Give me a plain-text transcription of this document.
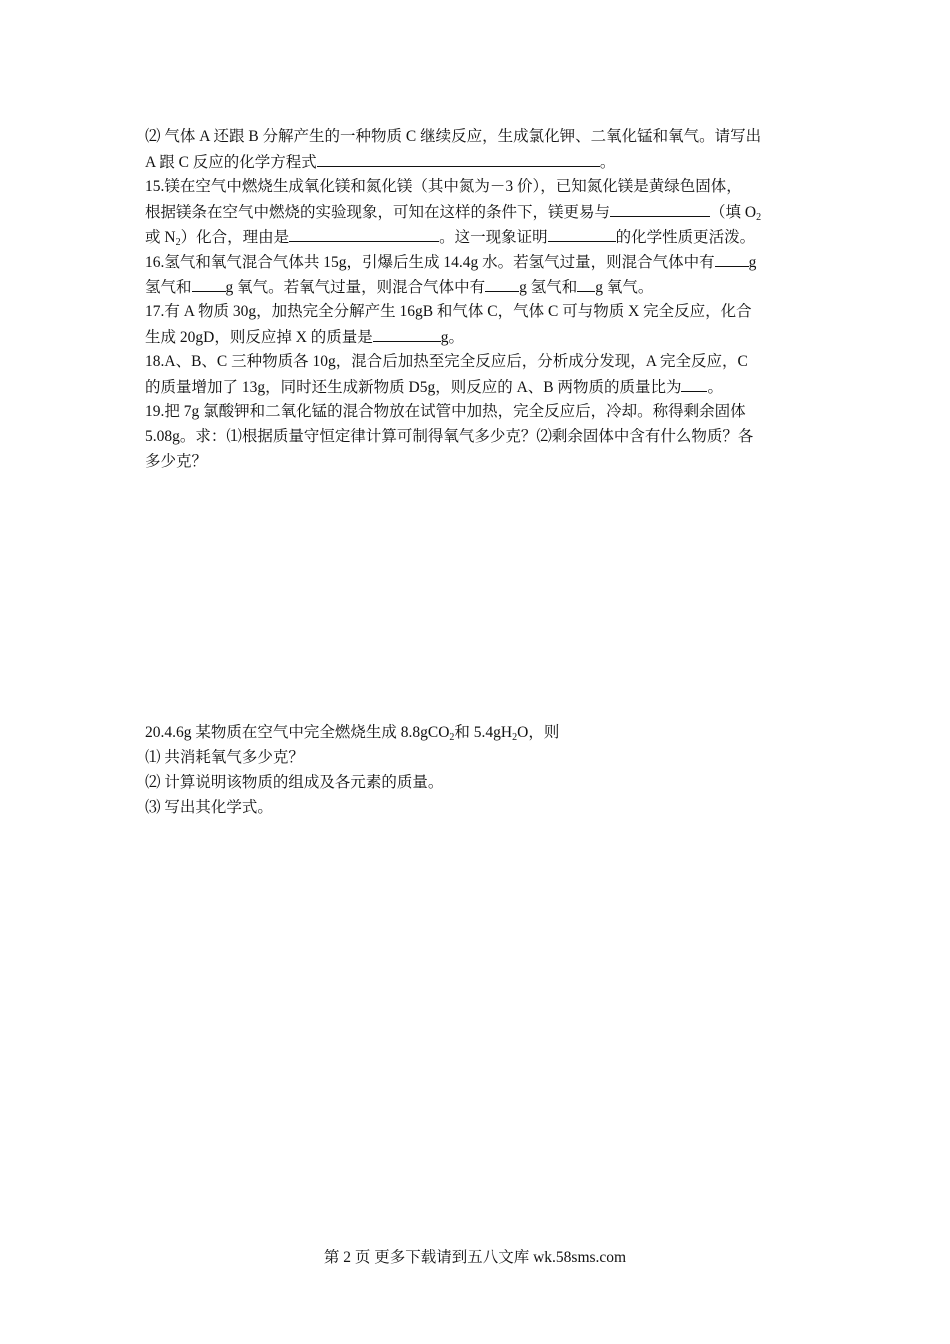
⑵ 气体 A 还跟 B 分解产生的一种物质 C 继续反应，生成氯化钾、二氧化锰和氧气。请写出
A 跟 C 反应的化学方程式	。
15.镁在空气中燃烧生成氧化镁和氮化镁（其中氮为－3 价），已知氮化镁是黄绿色固体，
根据镁条在空气中燃烧的实验现象，可知在这样的条件下，镁更易与	（填 $O_2$
或 $N_2$）化合，理由是	。这一现象证明	的化学性质更活泼。
16.氢气和氧气混合气体共 15g，引爆后生成 14.4g 水。若氢气过量，则混合气体中有 g
氢气和 g 氧气。若氧气过量，则混合气体中有 g 氢气和 g 氧气。
17.有 A 物质 30g，加热完全分解产生 16gB 和气体 C，气体 C 可与物质 X 完全反应，化合
生成 20gD，则反应掉 X 的质量是	g。
18.A、B、C 三种物质各 10g，混合后加热至完全反应后，分析成分发现，A 完全反应，C
的质量增加了 13g，同时还生成新物质 D5g，则反应的 A、B 两物质的质量比为 。
19.把 7g 氯酸钾和二氧化锰的混合物放在试管中加热，完全反应后，冷却。称得剩余固体
5.08g。求：⑴根据质量守恒定律计算可制得氧气多少克？⑵剩余固体中含有什么物质？各
多少克？
20.4.6g 某物质在空气中完全燃烧生成 8.8gCO$_2$和 $5.4gH_2O$，则
⑴ 共消耗氧气多少克？
⑵ 计算说明该物质的组成及各元素的质量。
⑶ 写出其化学式。
第 2 页 更多下载请到五八文库 wk.58sms.com
